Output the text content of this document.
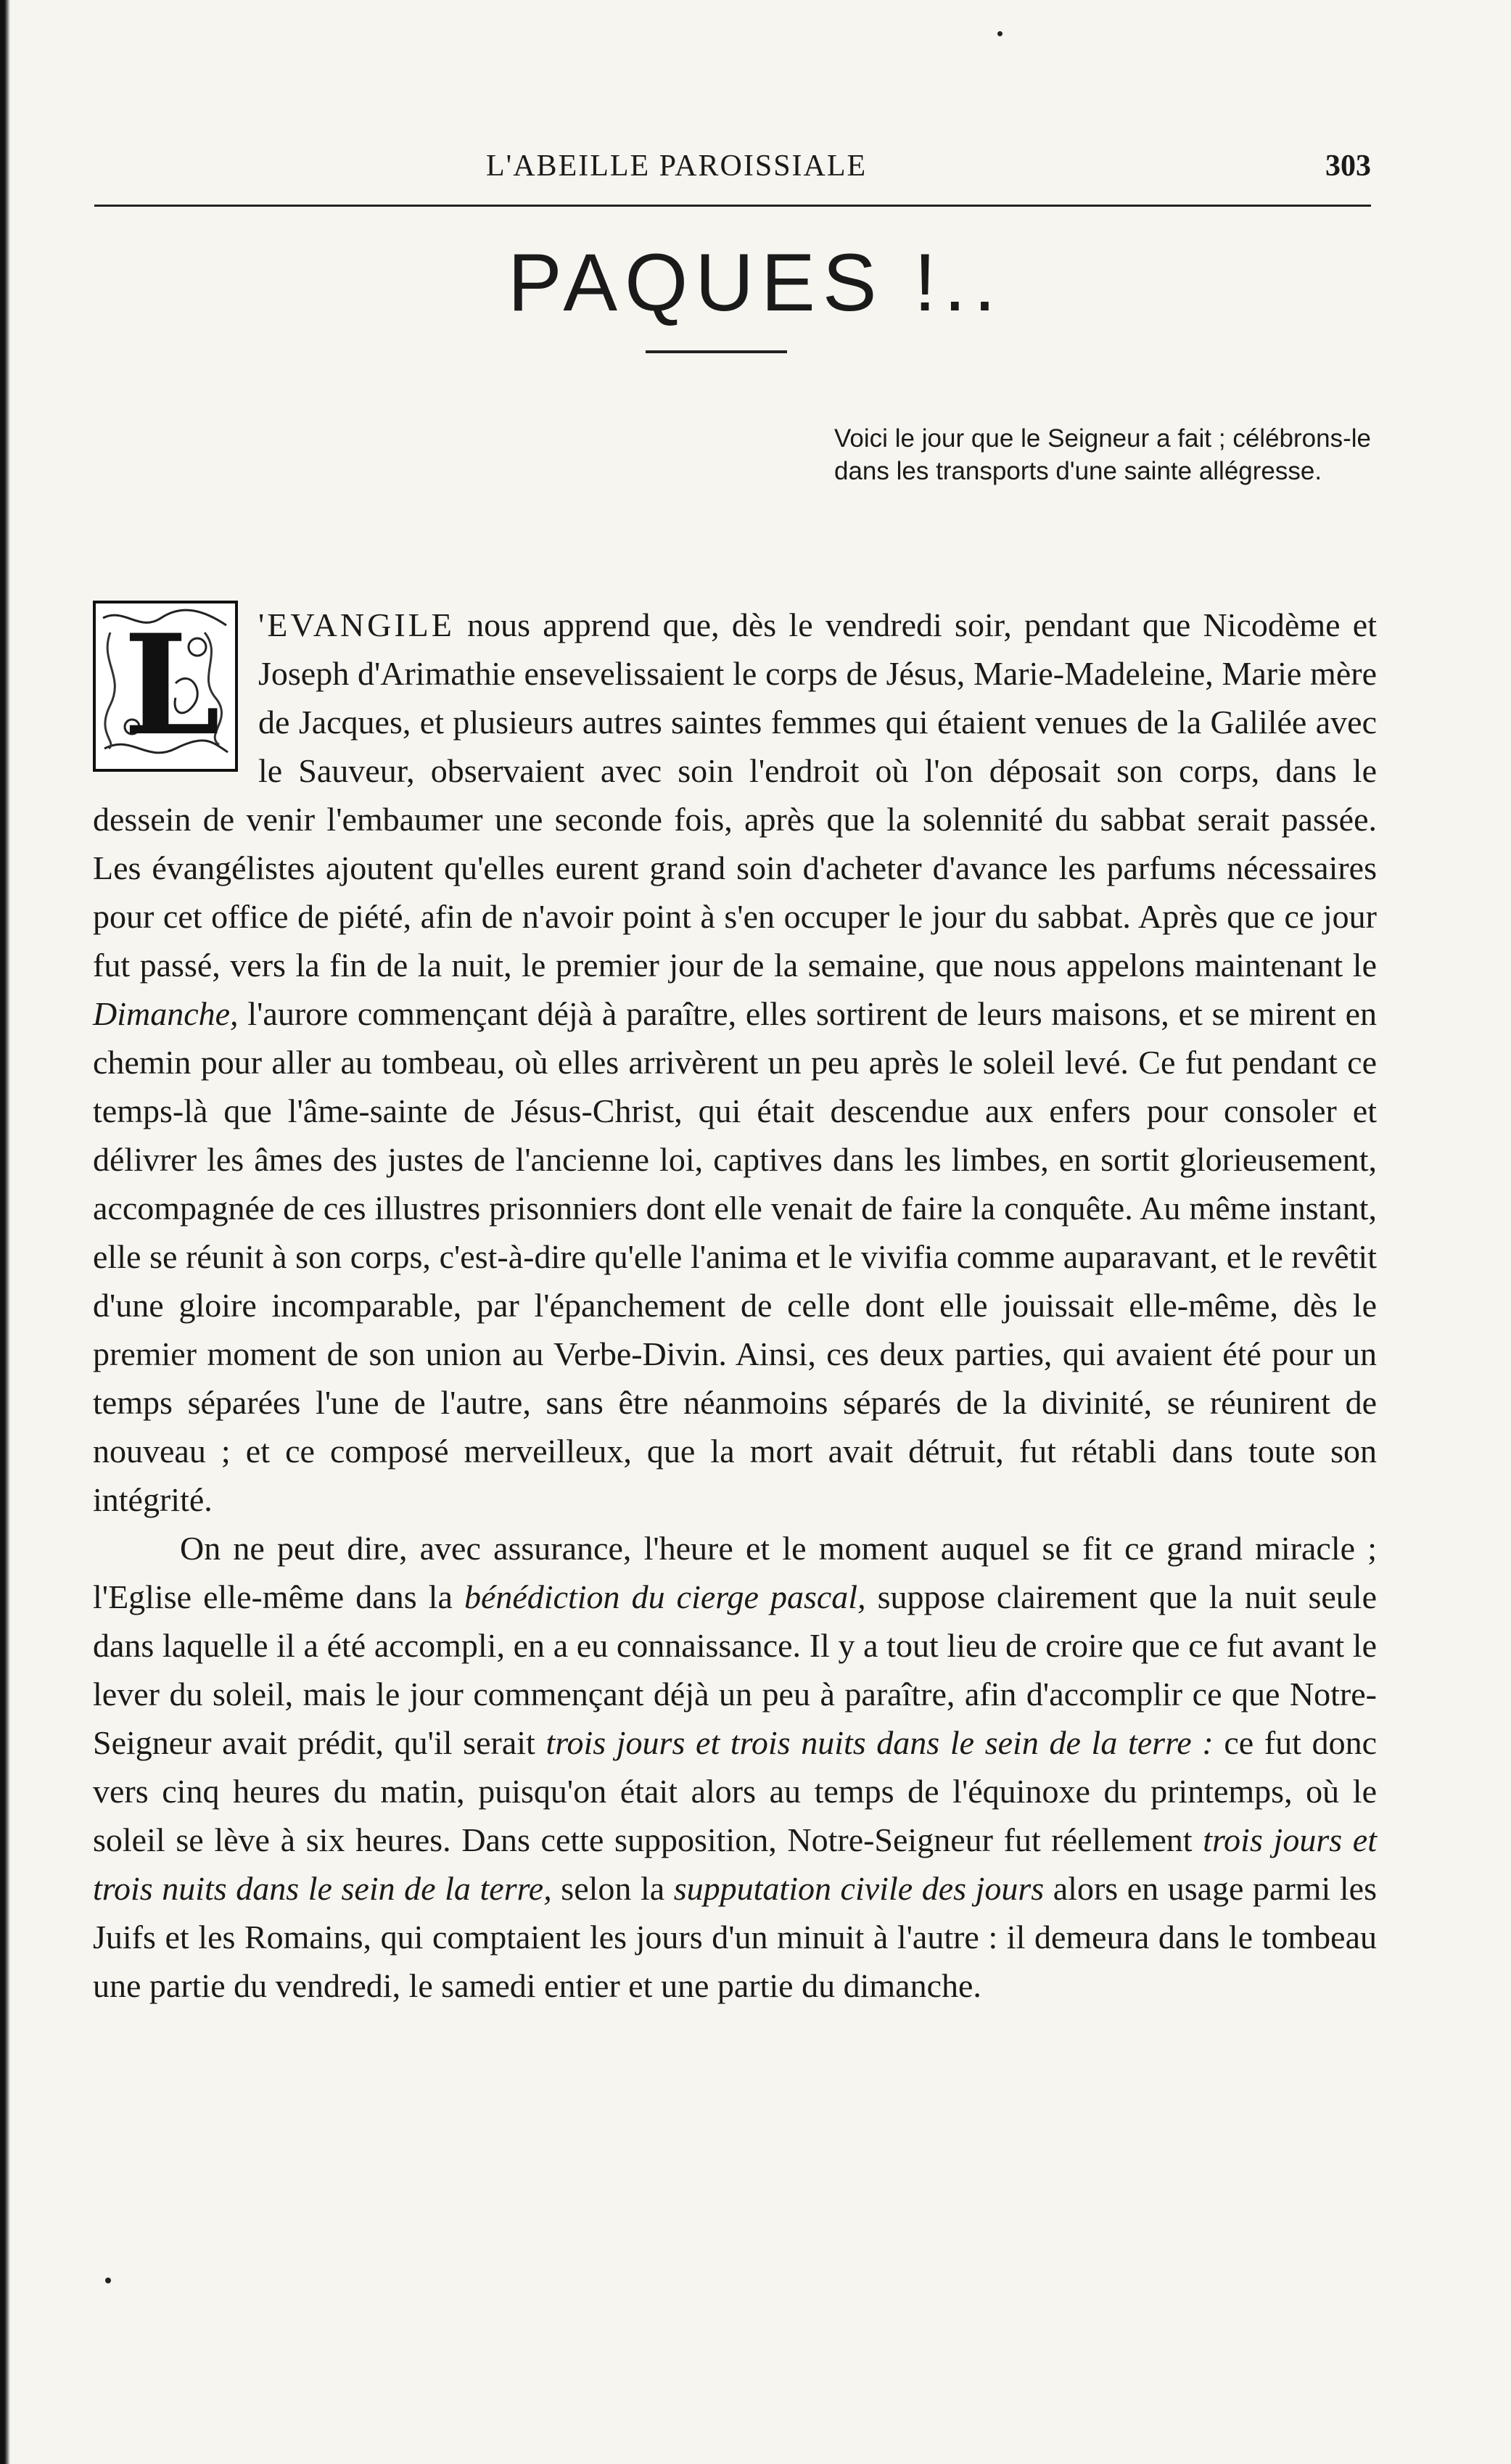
L'ABEILLE PAROISSIALE	303
PAQUES !..
Voici le jour que le Seigneur a fait ; célébrons-le dans les transports d'une sainte allégresse.

L 'EVANGILE nous apprend que, dès le vendredi soir, pendant que Nicodème et Joseph d'Arimathie ensevelissaient le corps de Jésus, Marie-Madeleine, Marie mère de Jacques, et plusieurs autres saintes femmes qui étaient venues de la Galilée avec le Sauveur, observaient avec soin l'endroit où l'on déposait son corps, dans le dessein de venir l'embaumer une seconde fois, après que la solennité du sabbat serait passée. Les évangélistes ajoutent qu'elles eurent grand soin d'acheter d'avance les parfums nécessaires pour cet office de piété, afin de n'avoir point à s'en occuper le jour du sabbat. Après que ce jour fut passé, vers la fin de la nuit, le premier jour de la semaine, que nous appelons maintenant le Dimanche, l'aurore commençant déjà à paraître, elles sortirent de leurs maisons, et se mirent en chemin pour aller au tombeau, où elles arrivèrent un peu après le soleil levé. Ce fut pendant ce temps-là que l'âme-sainte de Jésus-Christ, qui était descendue aux enfers pour consoler et délivrer les âmes des justes de l'ancienne loi, captives dans les limbes, en sortit glorieusement, accompagnée de ces illustres prisonniers dont elle venait de faire la conquête. Au même instant, elle se réunit à son corps, c'est-à-dire qu'elle l'anima et le vivifia comme auparavant, et le revêtit d'une gloire incomparable, par l'épanchement de celle dont elle jouissait elle-même, dès le premier moment de son union au Verbe-Divin. Ainsi, ces deux parties, qui avaient été pour un temps séparées l'une de l'autre, sans être néanmoins séparés de la divinité, se réunirent de nouveau ; et ce composé merveilleux, que la mort avait détruit, fut rétabli dans toute son intégrité.

On ne peut dire, avec assurance, l'heure et le moment auquel se fit ce grand miracle ; l'Eglise elle-même dans la bénédiction du cierge pascal, suppose clairement que la nuit seule dans laquelle il a été accompli, en a eu connaissance. Il y a tout lieu de croire que ce fut avant le lever du soleil, mais le jour commençant déjà un peu à paraître, afin d'accomplir ce que Notre-Seigneur avait prédit, qu'il serait trois jours et trois nuits dans le sein de la terre : ce fut donc vers cinq heures du matin, puisqu'on était alors au temps de l'équinoxe du printemps, où le soleil se lève à six heures. Dans cette supposition, Notre-Seigneur fut réellement trois jours et trois nuits dans le sein de la terre, selon la supputation civile des jours alors en usage parmi les Juifs et les Romains, qui comptaient les jours d'un minuit à l'autre : il demeura dans le tombeau une partie du vendredi, le samedi entier et une partie du dimanche.
